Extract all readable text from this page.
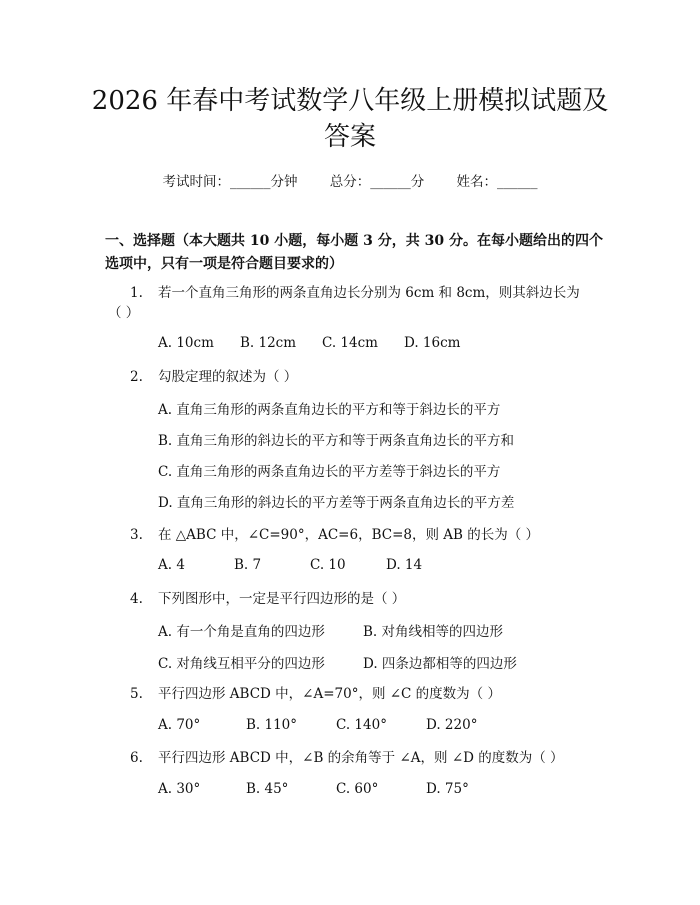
2026 年春中考试数学八年级上册模拟试题及
答案
考试时间：______分钟 总分：______分 姓名：______
一、选择题（本大题共 10 小题，每小题 3 分，共 30 分。在每小题给出的四个
选项中，只有一项是符合题目要求的）
1. 若一个直角三角形的两条直角边长分别为 6cm 和 8cm，则其斜边长为
（ ）
A. 10cm B. 12cm C. 14cm D. 16cm
2. 勾股定理的叙述为（ ）
A. 直角三角形的两条直角边长的平方和等于斜边长的平方
B. 直角三角形的斜边长的平方和等于两条直角边长的平方和
C. 直角三角形的两条直角边长的平方差等于斜边长的平方
D. 直角三角形的斜边长的平方差等于两条直角边长的平方差
3. 在 △ABC 中，∠C=90°，AC=6，BC=8，则 AB 的长为（ ）
A. 4	B. 7	C. 10	D. 14
4. 下列图形中，一定是平行四边形的是（ ）
A. 有一个角是直角的四边形	B. 对角线相等的四边形
C. 对角线互相平分的四边形	D. 四条边都相等的四边形
5. 平行四边形 ABCD 中，∠A=70°，则 ∠C 的度数为（ ）
A. 70°	B. 110°	C. 140°	D. 220°
6. 平行四边形 ABCD 中，∠B 的余角等于 ∠A，则 ∠D 的度数为（ ）
A. 30°	B. 45°	C. 60°	D. 75°
